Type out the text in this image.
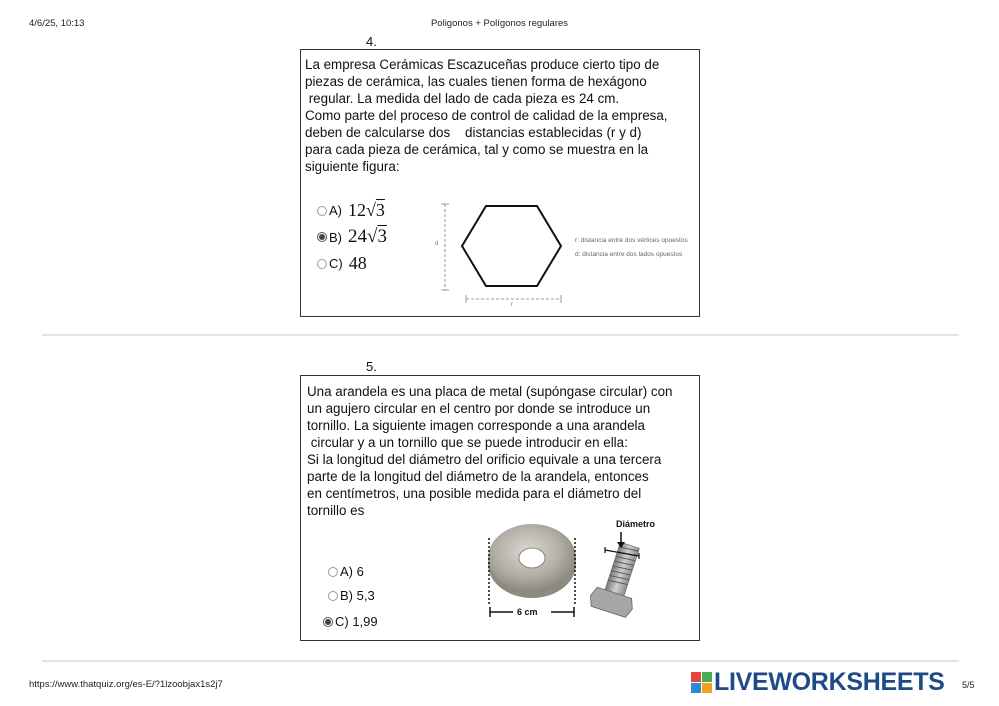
4/6/25, 10:13	Poligonos + Polígonos regulares
4.
La empresa Cerámicas Escazuceñas produce cierto tipo de
piezas de cerámica, las cuales tienen forma de hexágono
regular. La medida del lado de cada pieza es 24 cm.
Como parte del proceso de control de calidad de la empresa,
deben de calcularse dos    distancias establecidas (r y d)
para cada pieza de cerámica, tal y como se muestra en la
siguiente figura:
A) 12√3
B) 24√3
C) 48
d
r
r: distancia entre dos vértices opuestos
d: distancia entre dos lados opuestos
5.
Una arandela es una placa de metal (supóngase circular) con
un agujero circular en el centro por donde se introduce un
tornillo. La siguiente imagen corresponde a una arandela
circular y a un tornillo que se puede introducir en ella:
Si la longitud del diámetro del orificio equivale a una tercera
parte de la longitud del diámetro de la arandela, entonces
en centímetros, una posible medida para el diámetro del
tornillo es
A) 6
B) 5,3
C) 1,99
Diámetro
6 cm
https://www.thatquiz.org/es-E/?1lzoobjax1s2j7	LIVEWORKSHEETS 5/5
